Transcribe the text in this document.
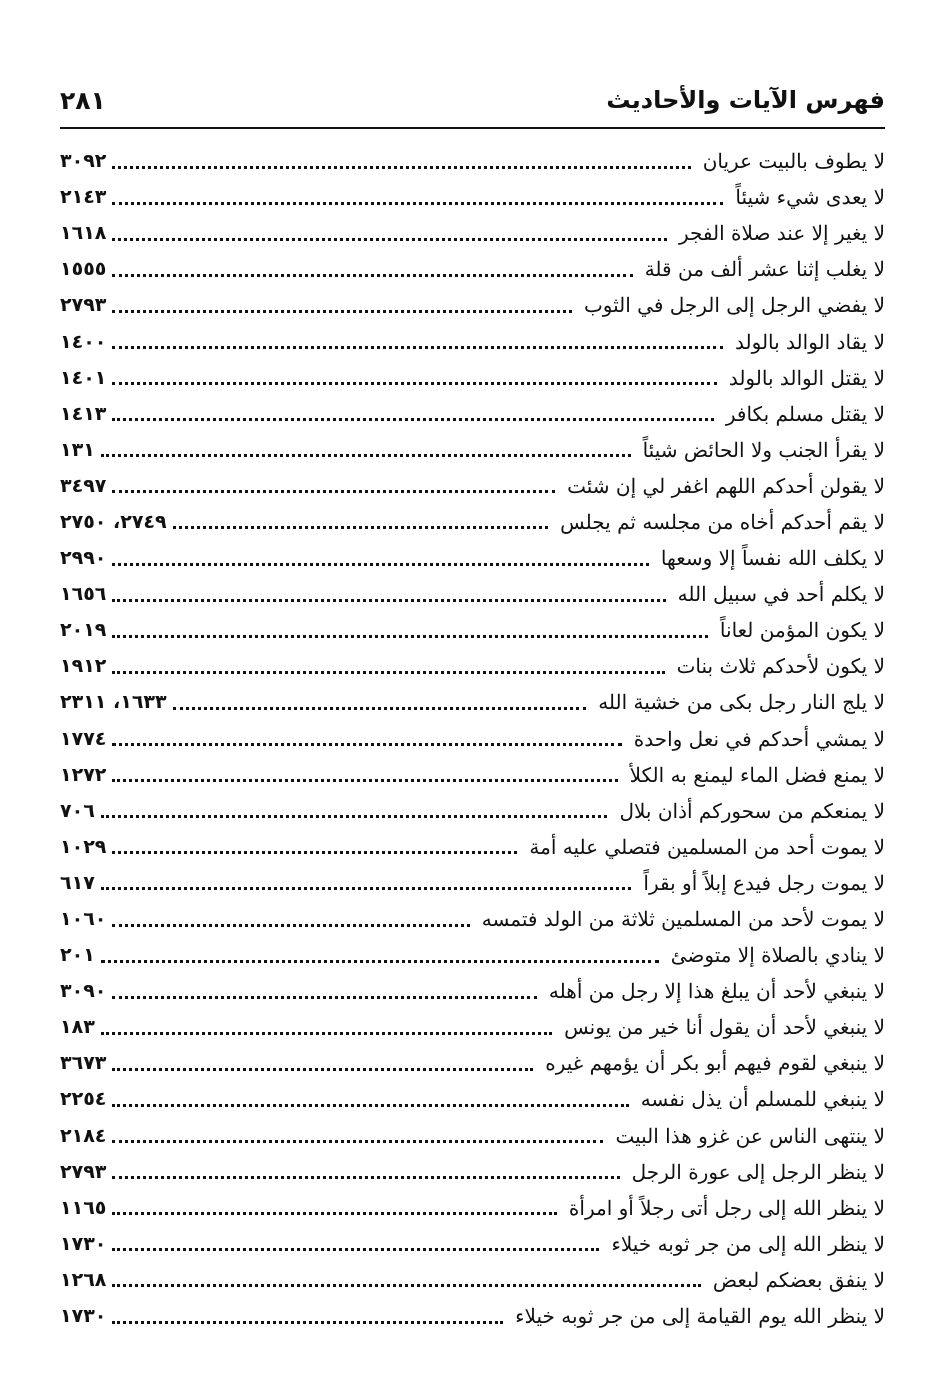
فهرس الآيات والأحاديث
٢٨١
لا يطوف بالبيت عريان
٣٠٩٢
لا يعدى شيء شيئاً
٢١٤٣
لا يغير إلا عند صلاة الفجر
١٦١٨
لا يغلب إثنا عشر ألف من قلة
١٥٥٥
لا يفضي الرجل إلى الرجل في الثوب
٢٧٩٣
لا يقاد الوالد بالولد
١٤٠٠
لا يقتل الوالد بالولد
١٤٠١
لا يقتل مسلم بكافر
١٤١٣
لا يقرأ الجنب ولا الحائض شيئاً
١٣١
لا يقولن أحدكم اللهم اغفر لي إن شئت
٣٤٩٧
لا يقم أحدكم أخاه من مجلسه ثم يجلس
٢٧٤٩، ٢٧٥٠
لا يكلف الله نفساً إلا وسعها
٢٩٩٠
لا يكلم أحد في سبيل الله
١٦٥٦
لا يكون المؤمن لعاناً
٢٠١٩
لا يكون لأحدكم ثلاث بنات
١٩١٢
لا يلج النار رجل بكى من خشية الله
١٦٣٣، ٢٣١١
لا يمشي أحدكم في نعل واحدة
١٧٧٤
لا يمنع فضل الماء ليمنع به الكلأ
١٢٧٢
لا يمنعكم من سحوركم أذان بلال
٧٠٦
لا يموت أحد من المسلمين فتصلي عليه أمة
١٠٢٩
لا يموت رجل فيدع إبلاً أو بقراً
٦١٧
لا يموت لأحد من المسلمين ثلاثة من الولد فتمسه
١٠٦٠
لا ينادي بالصلاة إلا متوضئ
٢٠١
لا ينبغي لأحد أن يبلغ هذا إلا رجل من أهله
٣٠٩٠
لا ينبغي لأحد أن يقول أنا خير من يونس
١٨٣
لا ينبغي لقوم فيهم أبو بكر أن يؤمهم غيره
٣٦٧٣
لا ينبغي للمسلم أن يذل نفسه
٢٢٥٤
لا ينتهى الناس عن غزو هذا البيت
٢١٨٤
لا ينظر الرجل إلى عورة الرجل
٢٧٩٣
لا ينظر الله إلى رجل أتى رجلاً أو امرأة
١١٦٥
لا ينظر الله إلى من جر ثوبه خيلاء
١٧٣٠
لا ينفق بعضكم لبعض
١٢٦٨
لا ينظر الله يوم القيامة إلى من جر ثوبه خيلاء
١٧٣٠
